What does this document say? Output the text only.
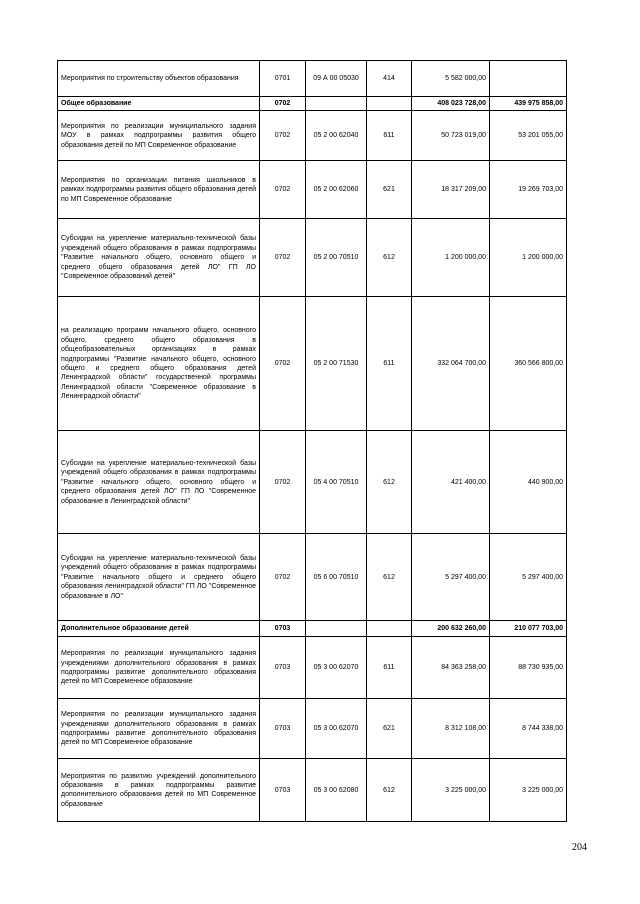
Мероприятия по строительству объектов образования	0701	09 А 00 05030	414	5 582 000,00	
Общее образование	0702			408 023 728,00	439 975 858,00
Мероприятия по реализации муниципального задания МОУ в рамках подпрограммы развития общего образования детей по МП Современное образование	0702	05 2 00 62040	611	50 723 019,00	53 201 055,00
Мероприятия по организации питания школьников в рамках подпрограммы развития общего образования детей по МП Современное образование	0702	05 2 00 62060	621	18 317 209,00	19 269 703,00
Субсидии на укрепление материально-технической базы учреждений общего образования в рамках подпрограммы "Развитие начального общего, основного общего и среднего общего образования детей ЛО" ГП ЛО "Современное образований детей"	0702	05 2 00 70510	612	1 200 000,00	1 200 000,00
на реализацию программ начального общего, основного общего, среднего общего образования в общеобразовательных организациях в рамках подпрограммы "Развитие начального общего, основного общего и среднего общего образования детей Ленинградской области" государственной программы Ленинградской области "Современное образование в Ленинградской области"	0702	05 2 00 71530	611	332 064 700,00	360 566 800,00
Субсидии на укрепление материально-технической базы учреждений общего образования в рамках подпрограммы "Развитие начального общего, основного общего и среднего образования детей ЛО" ГП ЛО "Современное образование в Ленинградской области"	0702	05 4 00 70510	612	421 400,00	440 900,00
Субсидии на укрепление материально-технической базы учреждений общего образования в рамках подпрограммы "Развитие начального общего и среднего общего образования ленинградской области" ГП ЛО "Современное образование в ЛО"	0702	05 6 00 70510	612	5 297 400,00	5 297 400,00
Дополнительное образование детей	0703			200 632 260,00	210 077 703,00
Мероприятия по реализации муниципального задания учреждениями дополнительного образования в рамках подпрограммы развитие дополнительного образования детей по МП Современное образование	0703	05 3 00 62070	611	84 363 258,00	88 730 935,00
Мероприятия по реализации муниципального задания учреждениями дополнительного образования в рамках подпрограммы развитие дополнительного образования детей по МП Современное образование	0703	05 3 00 62070	621	8 312 108,00	8 744 338,00
Мероприятия по развитию учреждений дополнительного образования в рамках подпрограммы развитие дополнительного образования детей по МП Современное образование	0703	05 3 00 62080	612	3 225 000,00	3 225 000,00
204
